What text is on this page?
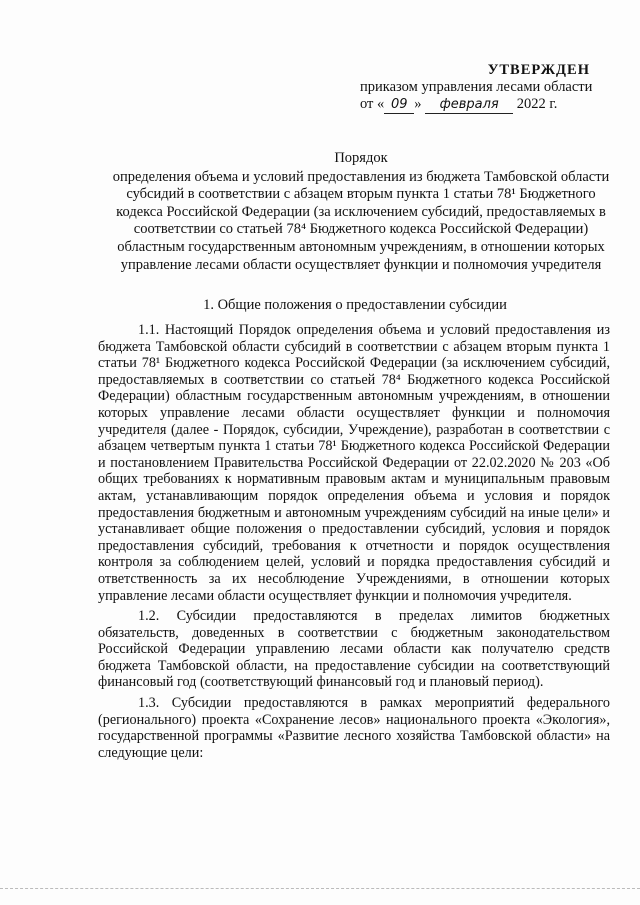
УТВЕРЖДЕН
приказом управления лесами области
от « 09 » февраля 2022 г.
Порядок
определения объема и условий предоставления из бюджета Тамбовской области субсидий в соответствии с абзацем вторым пункта 1 статьи 78¹ Бюджетного кодекса Российской Федерации (за исключением субсидий, предоставляемых в соответствии со статьей 78⁴ Бюджетного кодекса Российской Федерации) областным государственным автономным учреждениям, в отношении которых управление лесами области осуществляет функции и полномочия учредителя
1. Общие положения о предоставлении субсидии

1.1. Настоящий Порядок определения объема и условий предоставления из бюджета Тамбовской области субсидий в соответствии с абзацем вторым пункта 1 статьи 78¹ Бюджетного кодекса Российской Федерации (за исключением субсидий, предоставляемых в соответствии со статьей 78⁴ Бюджетного кодекса Российской Федерации) областным государственным автономным учреждениям, в отношении которых управление лесами области осуществляет функции и полномочия учредителя (далее - Порядок, субсидии, Учреждение), разработан в соответствии с абзацем четвертым пункта 1 статьи 78¹ Бюджетного кодекса Российской Федерации и постановлением Правительства Российской Федерации от 22.02.2020 № 203 «Об общих требованиях к нормативным правовым актам и муниципальным правовым актам, устанавливающим порядок определения объема и условия и порядок предоставления бюджетным и автономным учреждениям субсидий на иные цели» и устанавливает общие положения о предоставлении субсидий, условия и порядок предоставления субсидий, требования к отчетности и порядок осуществления контроля за соблюдением целей, условий и порядка предоставления субсидий и ответственность за их несоблюдение Учреждениями, в отношении которых управление лесами области осуществляет функции и полномочия учредителя.

1.2. Субсидии предоставляются в пределах лимитов бюджетных обязательств, доведенных в соответствии с бюджетным законодательством Российской Федерации управлению лесами области как получателю средств бюджета Тамбовской области, на предоставление субсидии на соответствующий финансовый год (соответствующий финансовый год и плановый период).

1.3. Субсидии предоставляются в рамках мероприятий федерального (регионального) проекта «Сохранение лесов» национального проекта «Экология», государственной программы «Развитие лесного хозяйства Тамбовской области» на следующие цели:
